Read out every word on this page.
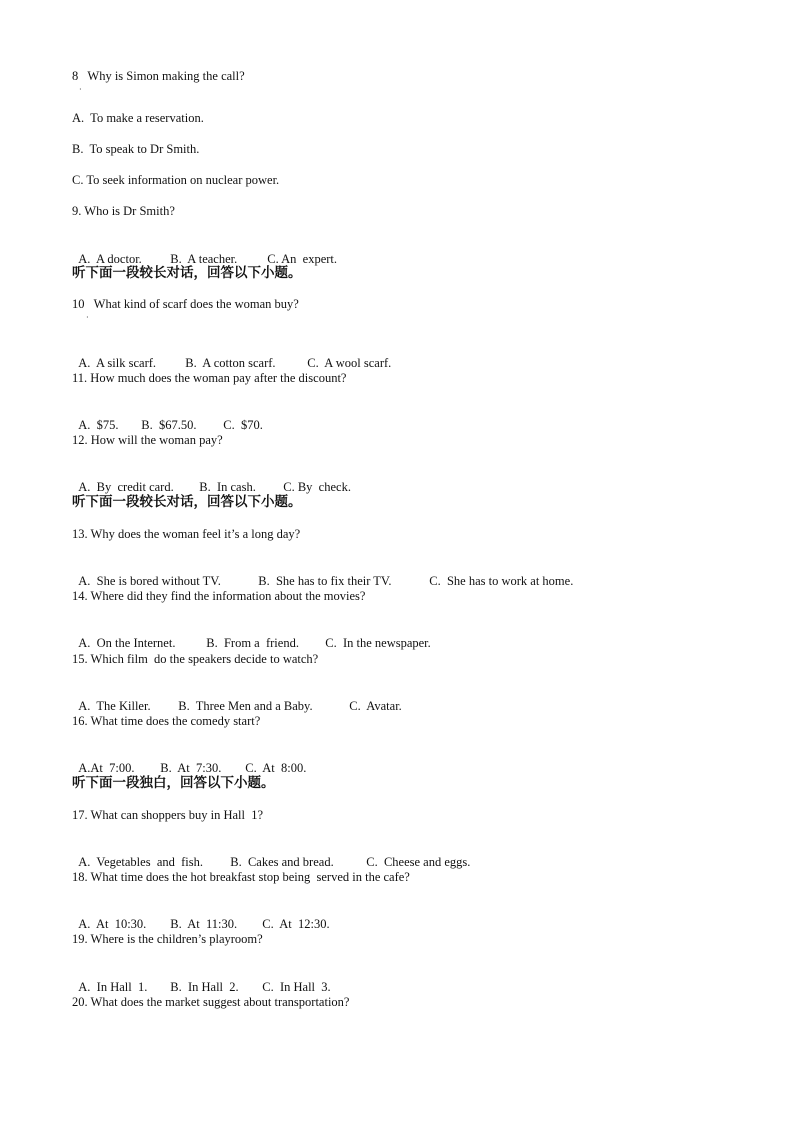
8   Why is Simon making the call?
·
A.  To make a reservation.
B.  To speak to Dr Smith.
C. To seek information on nuclear power.
9. Who is Dr Smith?

A.  A doctor. B.  A teacher. C. An  expert.

听下面一段较长对话，回答以下小题。
10   What kind of scarf does the woman buy?
·

A.  A silk scarf. B.  A cotton scarf.	C.  A wool scarf.

11. How much does the woman pay after the discount?

A.  $75. B.  $67.50. C.  $70.

12. How will the woman pay?

A.  By  credit card. B.  In cash. C. By  check.

听下面一段较长对话，回答以下小题。
13. Why does the woman feel it’s a long day?

A.  She is bored without TV.	B.  She has to fix their TV.	C.  She has to work at home.

14. Where did they find the information about the movies?

A.  On the Internet. B.  From a  friend. C.  In the newspaper.

15. Which film  do the speakers decide to watch?

A.  The Killer. B.  Three Men and a Baby.	C.  Avatar.

16. What time does the comedy start?

A.At  7:00. B.  At  7:30. C.  At  8:00.

听下面一段独白，回答以下小题。
17. What can shoppers buy in Hall  1?

A.  Vegetables  and  fish. B.  Cakes and bread.	C.  Cheese and eggs.

18. What time does the hot breakfast stop being  served in the cafe?

A.  At  10:30. B.  At  11:30. C.  At  12:30.

19. Where is the children’s playroom?

A.  In Hall  1. B.  In Hall  2. C.  In Hall  3.

20. What does the market suggest about transportation?
